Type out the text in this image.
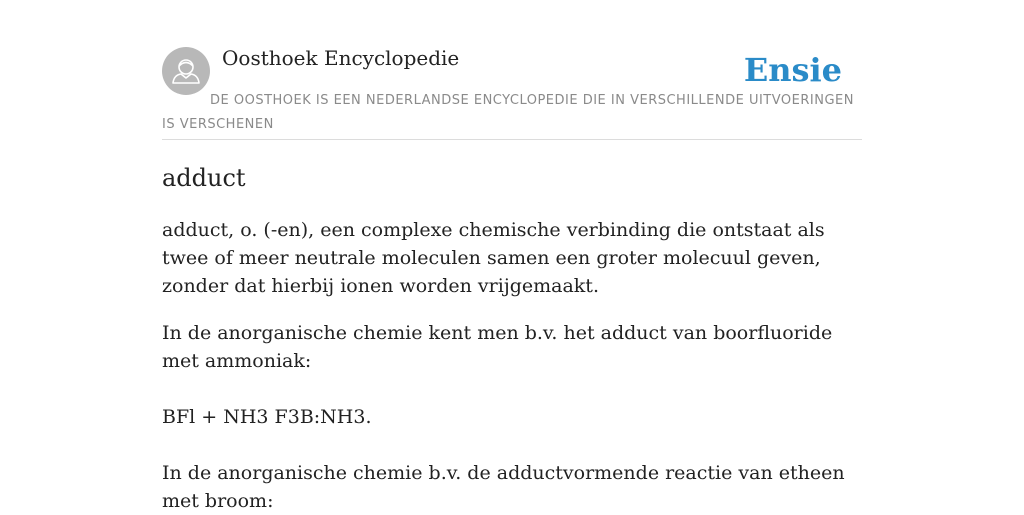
Oosthoek Encyclopedie	Ensie

DE OOSTHOEK IS EEN NEDERLANDSE ENCYCLOPEDIE DIE IN VERSCHILLENDE UITVOERINGEN IS VERSCHENEN

adduct

adduct, o. (-en), een complexe chemische verbinding die ontstaat als twee of meer neutrale moleculen samen een groter molecuul geven, zonder dat hierbij ionen worden vrijgemaakt.

In de anorganische chemie kent men b.v. het adduct van boorfluoride met ammoniak:

BFl + NH3 F3B:NH3.

In de anorganische chemie b.v. de adductvormende reactie van etheen met broom:
